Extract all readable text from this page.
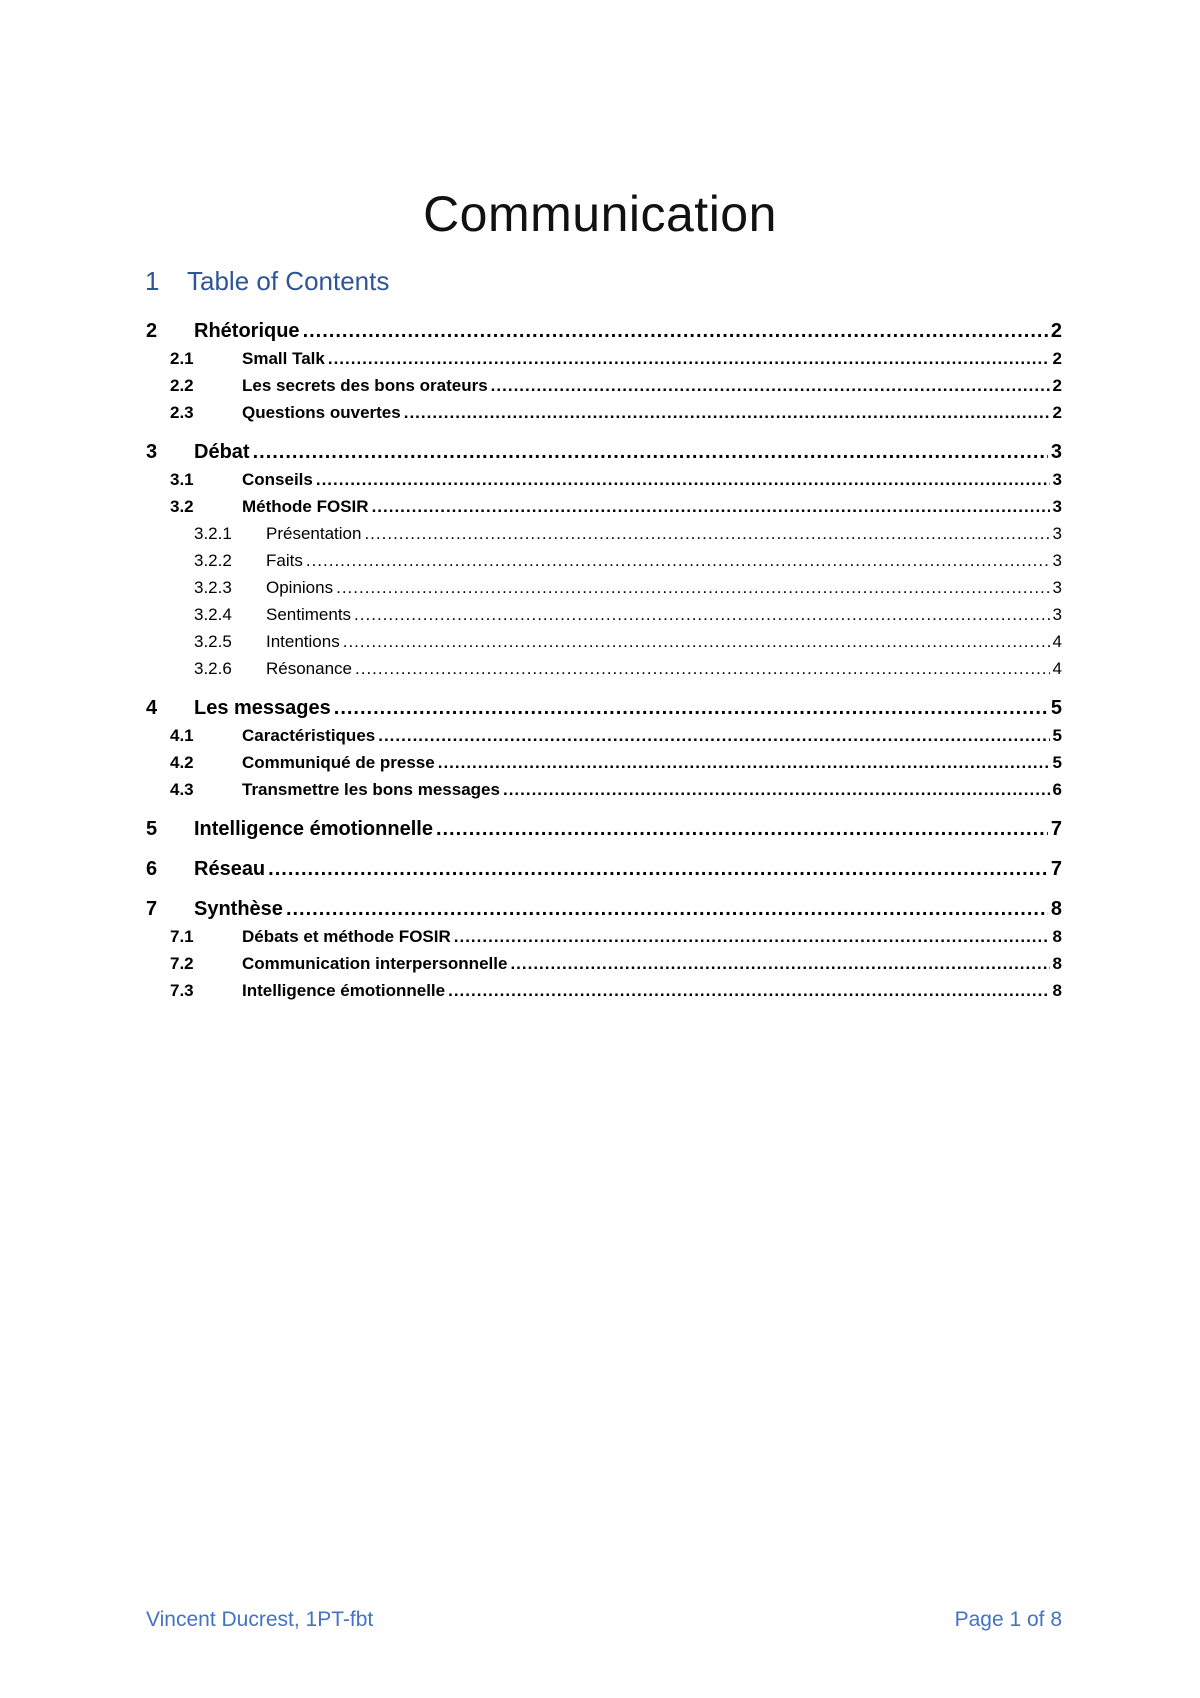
Communication
1	Table of Contents
2	Rhétorique .....	2
2.1	Small Talk .....	2
2.2	Les secrets des bons orateurs .....	2
2.3	Questions ouvertes .....	2
3	Débat .....	3
3.1	Conseils .....	3
3.2	Méthode FOSIR .....	3
3.2.1	Présentation .....	3
3.2.2	Faits .....	3
3.2.3	Opinions .....	3
3.2.4	Sentiments .....	3
3.2.5	Intentions .....	4
3.2.6	Résonance .....	4
4	Les messages .....	5
4.1	Caractéristiques .....	5
4.2	Communiqué de presse .....	5
4.3	Transmettre les bons messages .....	6
5	Intelligence émotionnelle .....	7
6	Réseau .....	7
7	Synthèse .....	8
7.1	Débats et méthode FOSIR .....	8
7.2	Communication interpersonnelle .....	8
7.3	Intelligence émotionnelle .....	8
Vincent Ducrest, 1PT-fbt	Page 1 of 8
